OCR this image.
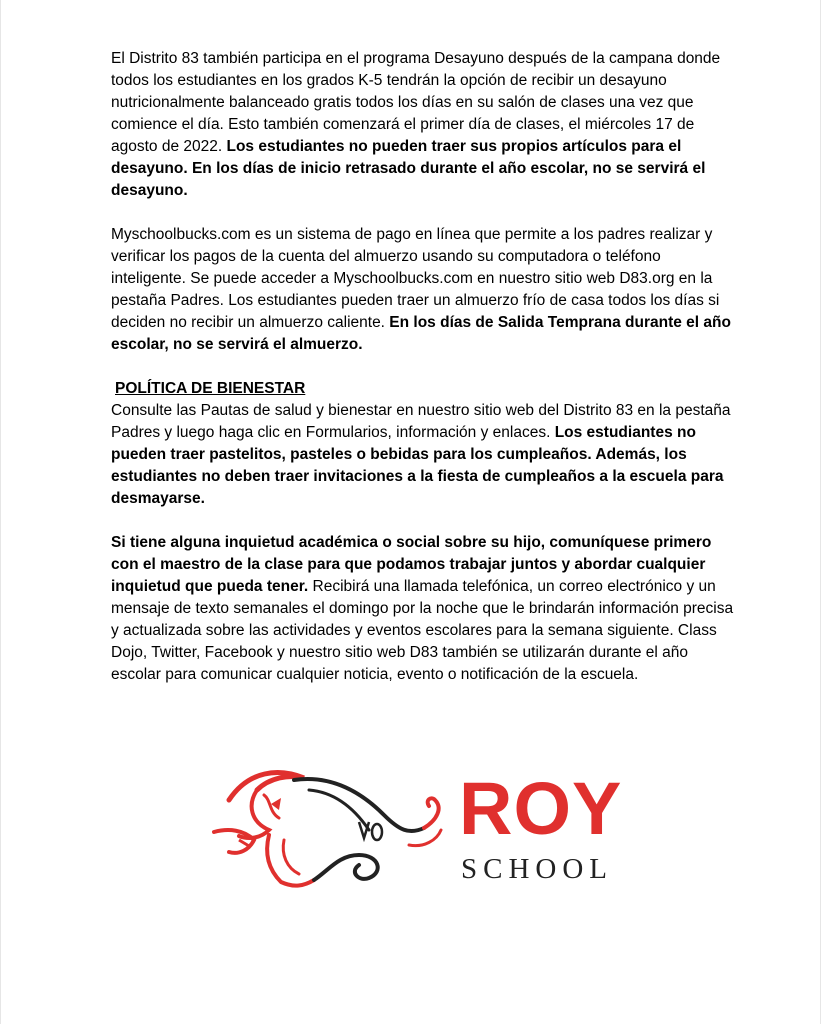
El Distrito 83 también participa en el programa Desayuno después de la campana donde todos los estudiantes en los grados K-5 tendrán la opción de recibir un desayuno nutricionalmente balanceado gratis todos los días en su salón de clases una vez que comience el día. Esto también comenzará el primer día de clases, el miércoles 17 de agosto de 2022. Los estudiantes no pueden traer sus propios artículos para el desayuno. En los días de inicio retrasado durante el año escolar, no se servirá el desayuno.

Myschoolbucks.com es un sistema de pago en línea que permite a los padres realizar y verificar los pagos de la cuenta del almuerzo usando su computadora o teléfono inteligente. Se puede acceder a Myschoolbucks.com en nuestro sitio web D83.org en la pestaña Padres. Los estudiantes pueden traer un almuerzo frío de casa todos los días si deciden no recibir un almuerzo caliente. En los días de Salida Temprana durante el año escolar, no se servirá el almuerzo.

POLÍTICA DE BIENESTAR

Consulte las Pautas de salud y bienestar en nuestro sitio web del Distrito 83 en la pestaña Padres y luego haga clic en Formularios, información y enlaces. Los estudiantes no pueden traer pastelitos, pasteles o bebidas para los cumpleaños. Además, los estudiantes no deben traer invitaciones a la fiesta de cumpleaños a la escuela para desmayarse.

Si tiene alguna inquietud académica o social sobre su hijo, comuníquese primero con el maestro de la clase para que podamos trabajar juntos y abordar cualquier inquietud que pueda tener. Recibirá una llamada telefónica, un correo electrónico y un mensaje de texto semanales el domingo por la noche que le brindarán información precisa y actualizada sobre las actividades y eventos escolares para la semana siguiente. Class Dojo, Twitter, Facebook y nuestro sitio web D83 también se utilizarán durante el año escolar para comunicar cualquier noticia, evento o notificación de la escuela.

ROY
SCHOOL
